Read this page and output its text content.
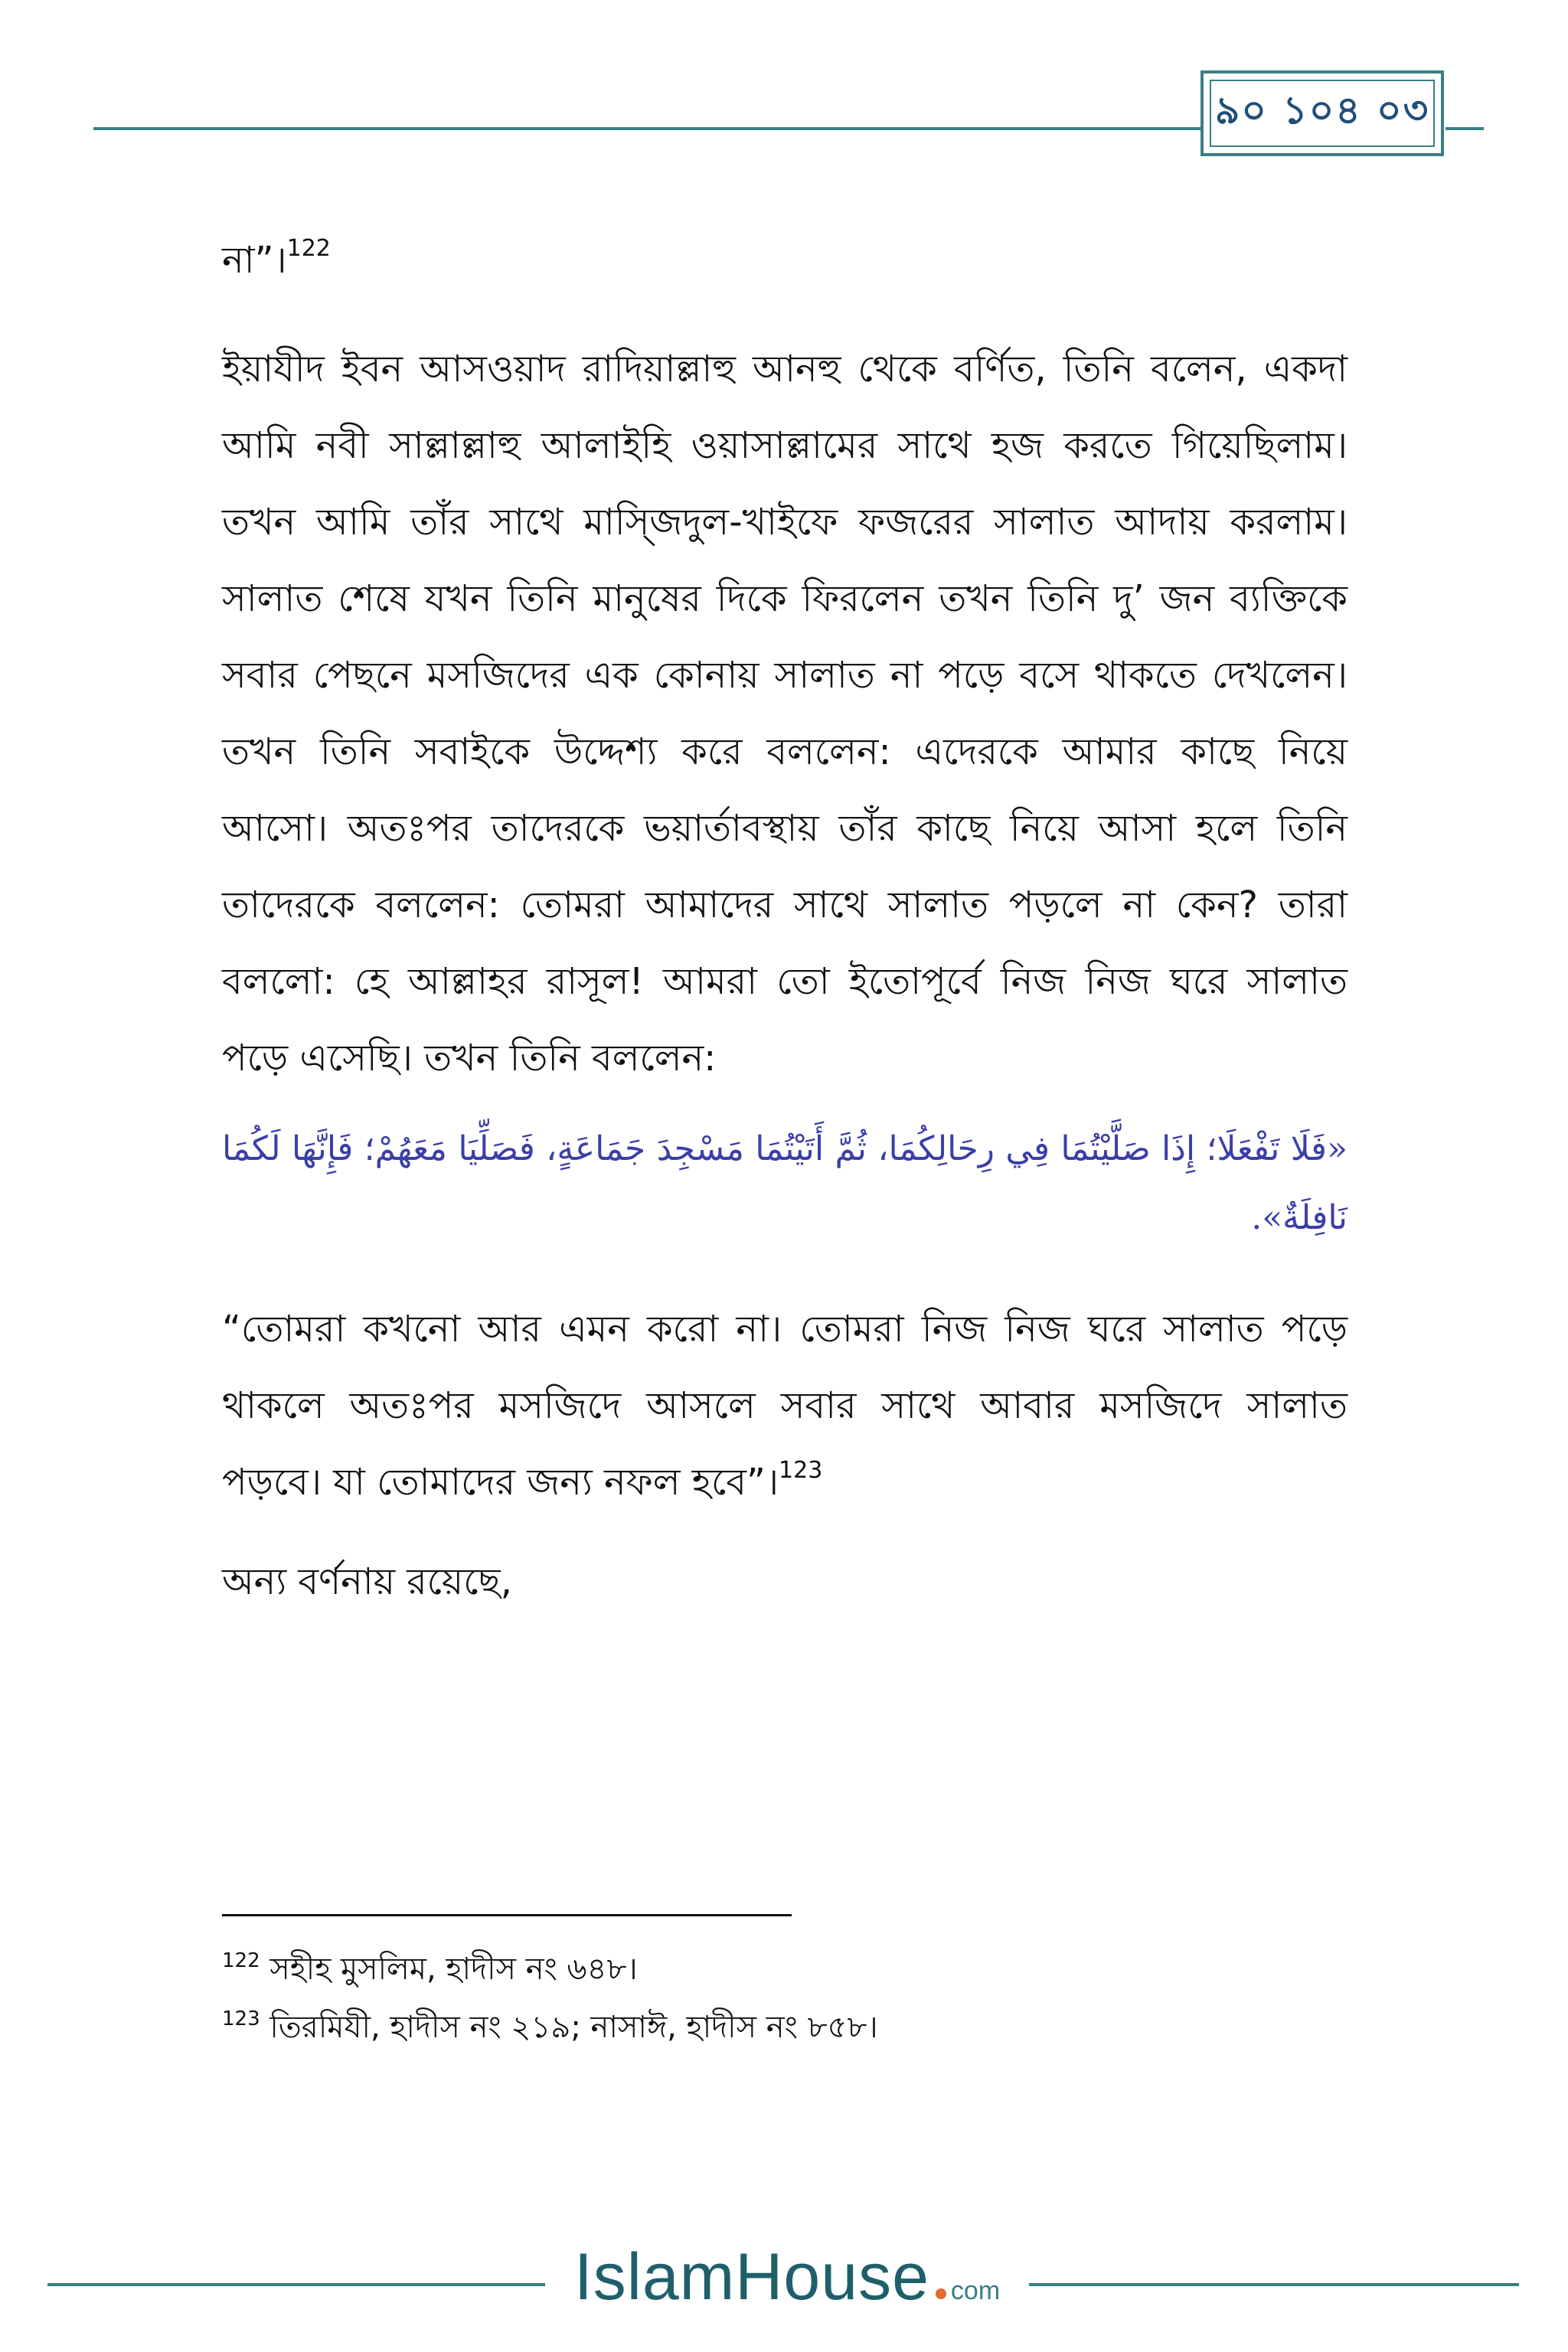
৯০ ১০৪ ০৩

না”।$^{122}$

ইয়াযীদ ইবন আসওয়াদ রাদিয়াল্লাহু আনহু থেকে বর্ণিত, তিনি বলেন, একদা আমি নবী সাল্লাল্লাহু আলাইহি ওয়াসাল্লামের সাথে হজ করতে গিয়েছিলাম। তখন আমি তাঁর সাথে মাস্জিদুল-খাইফে ফজরের সালাত আদায় করলাম। সালাত শেষে যখন তিনি মানুষের দিকে ফিরলেন তখন তিনি দু’ জন ব্যক্তিকে সবার পেছনে মসজিদের এক কোনায় সালাত না পড়ে বসে থাকতে দেখলেন। তখন তিনি সবাইকে উদ্দেশ্য করে বললেন: এদেরকে আমার কাছে নিয়ে আসো। অতঃপর তাদেরকে ভয়ার্তাবস্থায় তাঁর কাছে নিয়ে আসা হলে তিনি তাদেরকে বললেন: তোমরা আমাদের সাথে সালাত পড়লে না কেন? তারা বললো: হে আল্লাহর রাসূল! আমরা তো ইতোপূর্বে নিজ নিজ ঘরে সালাত পড়ে এসেছি। তখন তিনি বললেন:

«فَلَا تَفْعَلَا؛ إِذَا صَلَّيْتُمَا فِي رِحَالِكُمَا، ثُمَّ أَتَيْتُمَا مَسْجِدَ جَمَاعَةٍ، فَصَلِّيَا مَعَهُمْ؛ فَإِنَّهَا لَكُمَا نَافِلَةٌ».

“তোমরা কখনো আর এমন করো না। তোমরা নিজ নিজ ঘরে সালাত পড়ে থাকলে অতঃপর মসজিদে আসলে সবার সাথে আবার মসজিদে সালাত পড়বে। যা তোমাদের জন্য নফল হবে”।$^{123}$

অন্য বর্ণনায় রয়েছে,

$^{122}$ সহীহ মুসলিম, হাদীস নং ৬৪৮।

$^{123}$ তিরমিযী, হাদীস নং ২১৯; নাসাঈ, হাদীস নং ৮৫৮।

IslamHouse com
